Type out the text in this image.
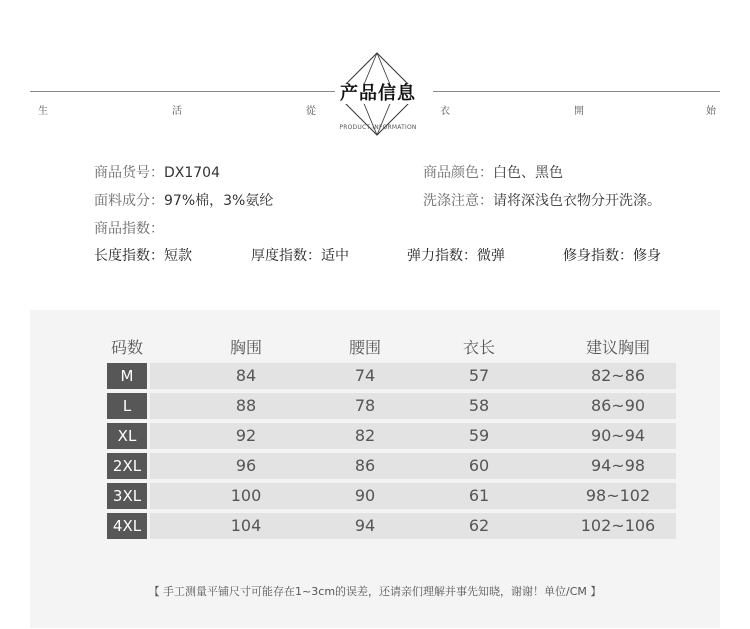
产品信息
PRODUCT INFORMATION
生	活	從	衣	開	始
商品货号：DX1704	商品颜色：白色、黑色
面料成分：97%棉，3%氨纶	洗涤注意：请将深浅色衣物分开洗涤。
商品指数：
长度指数：短款	厚度指数：适中	弹力指数：微弹	修身指数：修身
码数	胸围	腰围	衣长	建议胸围
M	84	74	57	82~86
L	88	78	58	86~90
XL	92	82	59	90~94
2XL	96	86	60	94~98
3XL	100	90	61	98~102
4XL	104	94	62	102~106
【 手工测量平铺尺寸可能存在1~3cm的误差，还请亲们理解并事先知晓，谢谢！单位/CM 】
